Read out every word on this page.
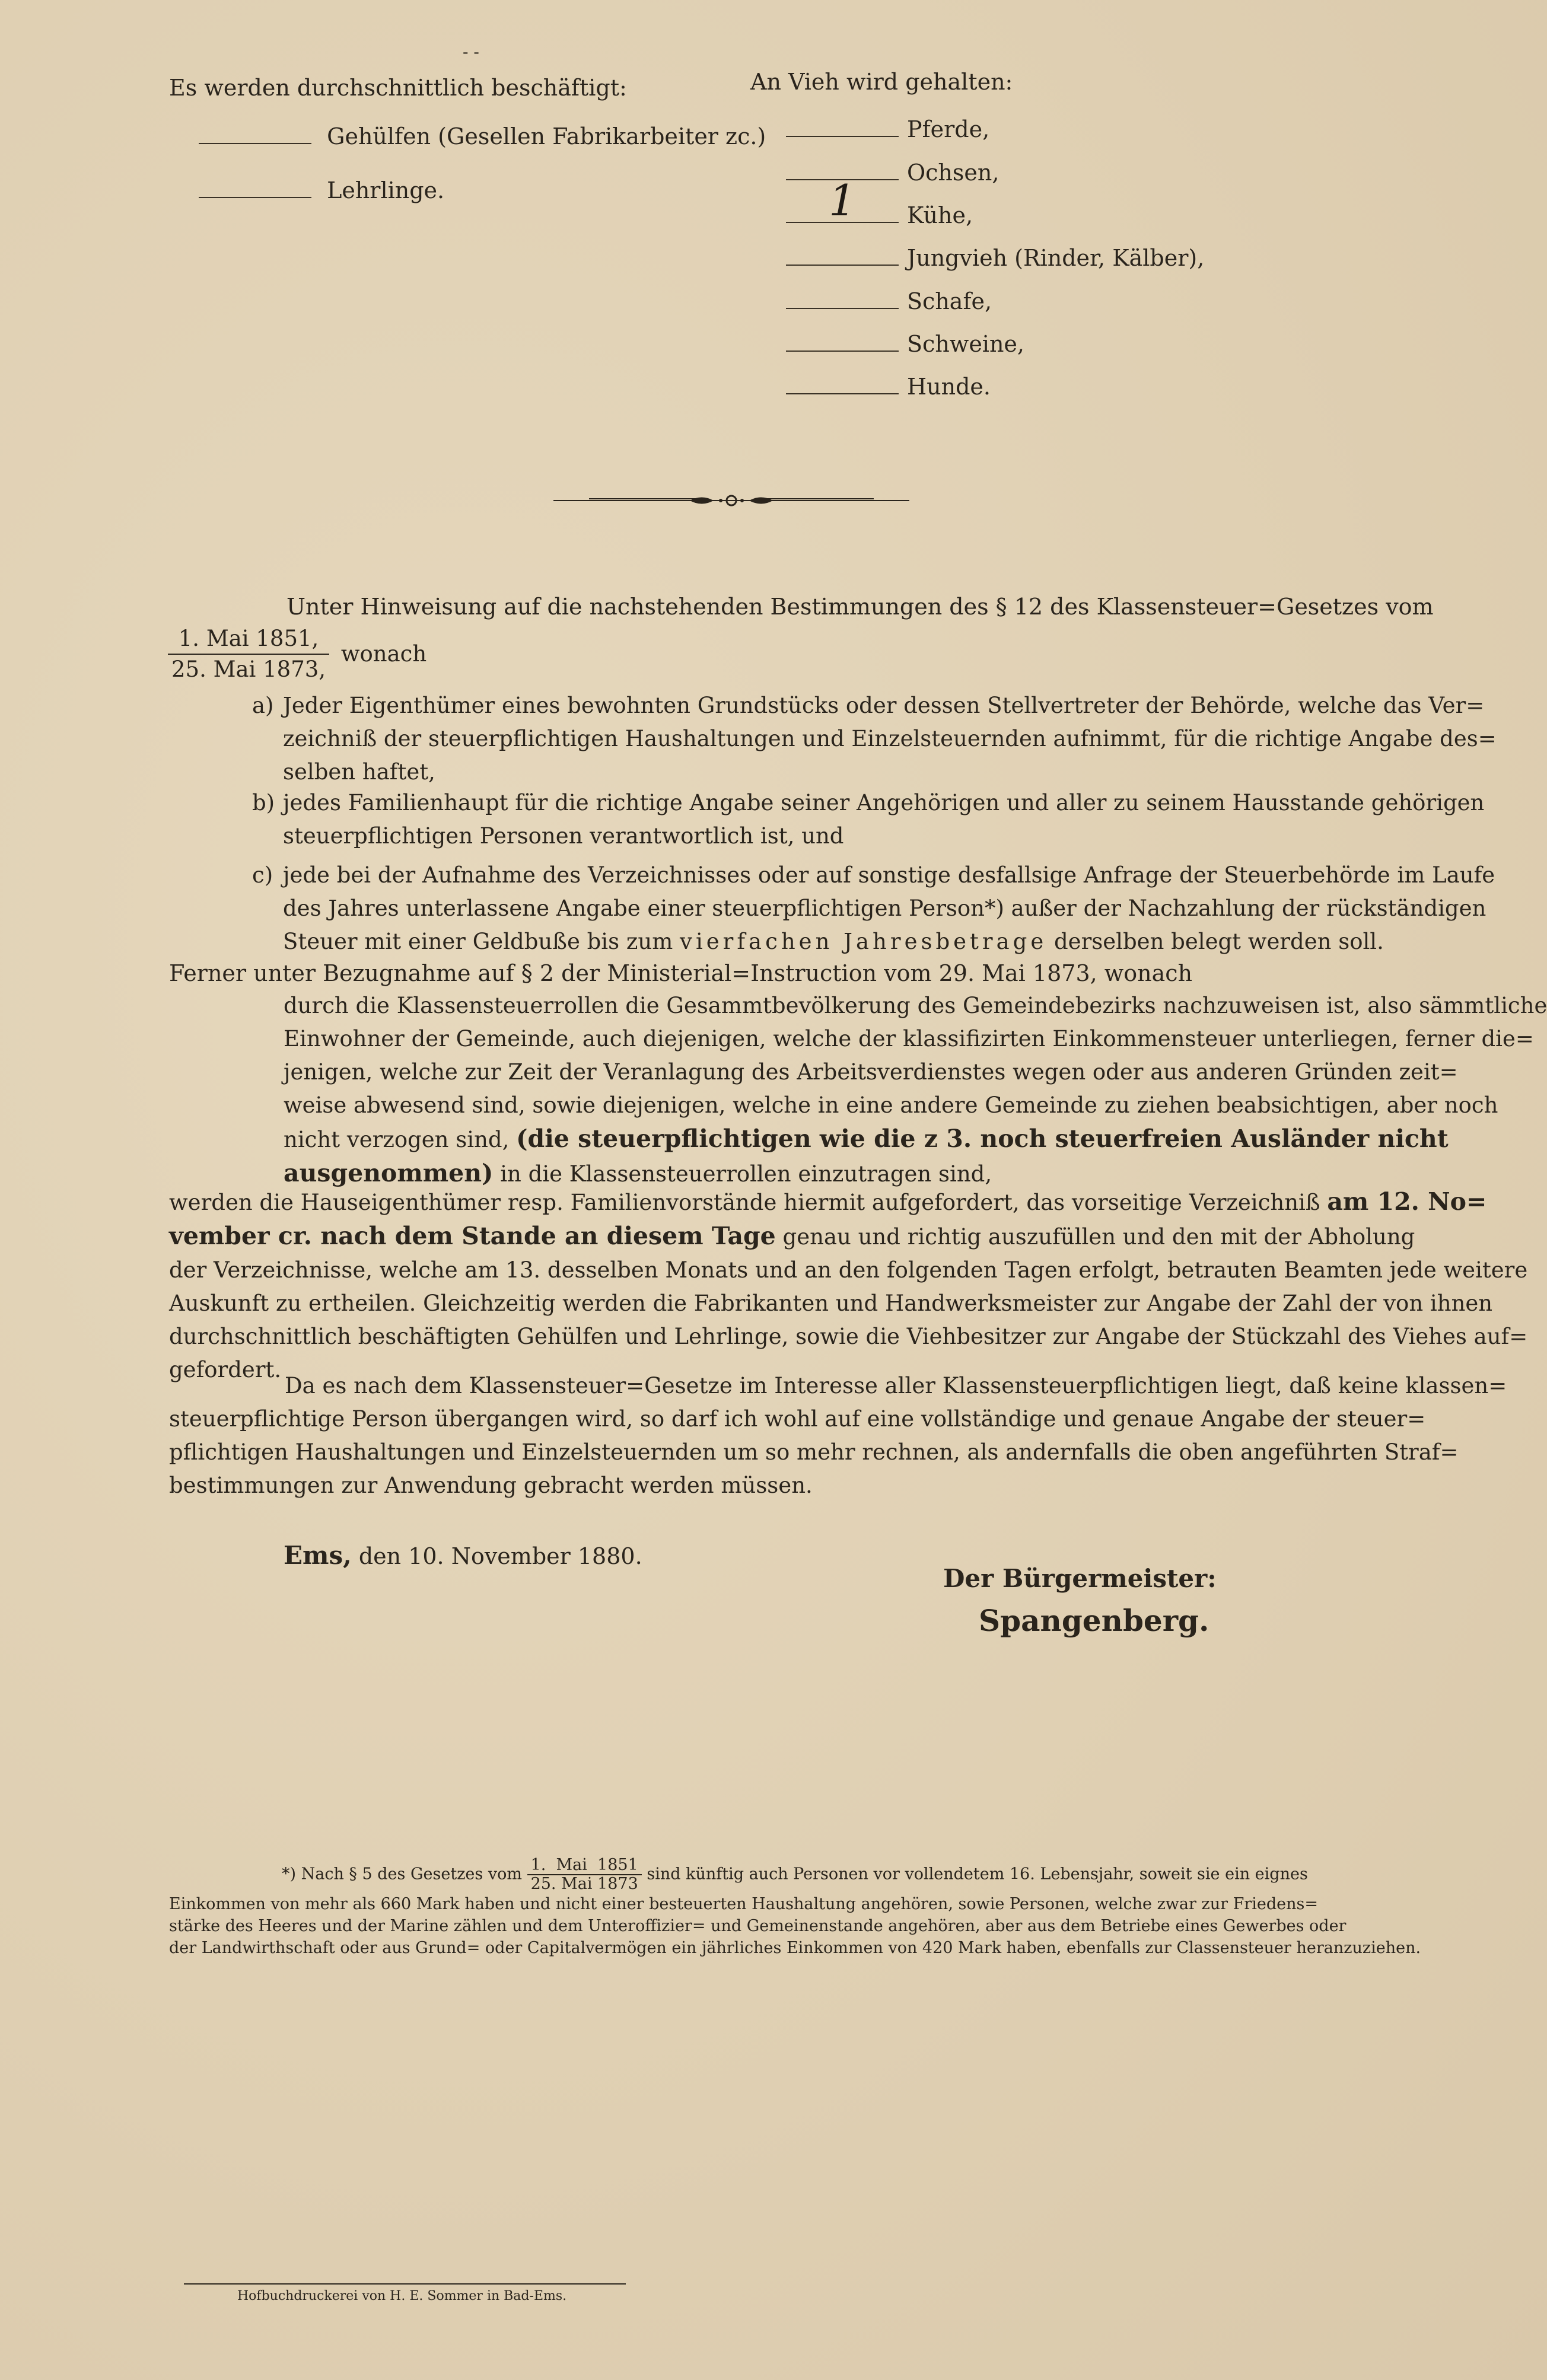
- -
Es werden durchschnittlich beschäftigt:
Gehülfen (Gesellen Fabrikarbeiter zc.)
Lehrlinge.
An Vieh wird gehalten:
Pferde,
Ochsen,
1	Kühe,
Jungvieh (Rinder, Kälber),
Schafe,
Schweine,
Hunde.
Unter Hinweisung auf die nachstehenden Bestimmungen des § 12 des Klassensteuer=Gesetzes vom
$\frac{\text{1. Mai 1851,}}{\text{25. Mai 1873,}}$ wonach
a) Jeder Eigenthümer eines bewohnten Grundstücks oder dessen Stellvertreter der Behörde, welche das Ver=
zeichniß der steuerpflichtigen Haushaltungen und Einzelsteuernden aufnimmt, für die richtige Angabe des=
selben haftet,
b) jedes Familienhaupt für die richtige Angabe seiner Angehörigen und aller zu seinem Hausstande gehörigen
steuerpflichtigen Personen verantwortlich ist, und
c) jede bei der Aufnahme des Verzeichnisses oder auf sonstige desfallsige Anfrage der Steuerbehörde im Laufe
des Jahres unterlassene Angabe einer steuerpflichtigen Person*) außer der Nachzahlung der rückständigen
Steuer mit einer Geldbuße bis zum vierfachen Jahresbetrage derselben belegt werden soll.
Ferner unter Bezugnahme auf § 2 der Ministerial=Instruction vom 29. Mai 1873, wonach
durch die Klassensteuerrollen die Gesammtbevölkerung des Gemeindebezirks nachzuweisen ist, also sämmtliche
Einwohner der Gemeinde, auch diejenigen, welche der klassifizirten Einkommensteuer unterliegen, ferner die=
jenigen, welche zur Zeit der Veranlagung des Arbeitsverdienstes wegen oder aus anderen Gründen zeit=
weise abwesend sind, sowie diejenigen, welche in eine andere Gemeinde zu ziehen beabsichtigen, aber noch
nicht verzogen sind, (die steuerpflichtigen wie die z 3. noch steuerfreien Ausländer nicht
ausgenommen) in die Klassensteuerrollen einzutragen sind,
werden die Hauseigenthümer resp. Familienvorstände hiermit aufgefordert, das vorseitige Verzeichniß am 12. No=
vember cr. nach dem Stande an diesem Tage genau und richtig auszufüllen und den mit der Abholung
der Verzeichnisse, welche am 13. desselben Monats und an den folgenden Tagen erfolgt, betrauten Beamten jede weitere
Auskunft zu ertheilen. Gleichzeitig werden die Fabrikanten und Handwerksmeister zur Angabe der Zahl der von ihnen
durchschnittlich beschäftigten Gehülfen und Lehrlinge, sowie die Viehbesitzer zur Angabe der Stückzahl des Viehes auf=
gefordert.
Da es nach dem Klassensteuer=Gesetze im Interesse aller Klassensteuerpflichtigen liegt, daß keine klassen=
steuerpflichtige Person übergangen wird, so darf ich wohl auf eine vollständige und genaue Angabe der steuer=
pflichtigen Haushaltungen und Einzelsteuernden um so mehr rechnen, als andernfalls die oben angeführten Straf=
bestimmungen zur Anwendung gebracht werden müssen.
Ems, den 10. November 1880.
Der Bürgermeister:
Spangenberg.
*) Nach § 5 des Gesetzes vom $\frac{\text{1. Mai 1851}}{\text{25. Mai 1873}}$ sind künftig auch Personen vor vollendetem 16. Lebensjahr, soweit sie ein eignes
Einkommen von mehr als 660 Mark haben und nicht einer besteuerten Haushaltung angehören, sowie Personen, welche zwar zur Friedens=
stärke des Heeres und der Marine zählen und dem Unteroffizier= und Gemeinenstande angehören, aber aus dem Betriebe eines Gewerbes oder
der Landwirthschaft oder aus Grund= oder Capitalvermögen ein jährliches Einkommen von 420 Mark haben, ebenfalls zur Classensteuer heranzuziehen.
Hofbuchdruckerei von H. E. Sommer in Bad-Ems.
